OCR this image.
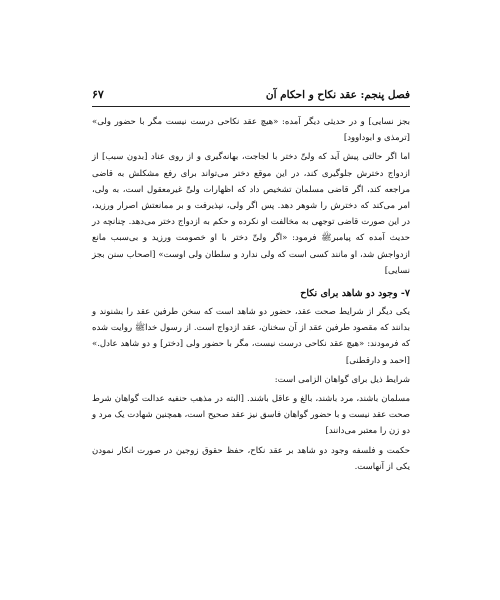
فصل پنجم: عقد نکاح و احکام آن
۶۷

بجز نسایی] و در حدیثی دیگر آمده: «هیچ عقد نکاحی درست نیست مگر با حضور ولی» [ترمذی و ابوداوود]

اما اگر حالتی پیش آید که ولیِّ دختر با لجاجت، بهانه‌گیری و از روی عناد [بدون سبب] از ازدواج دخترش جلوگیری کند، در این موقع دختر می‌تواند برای رفع مشکلش به قاضی مراجعه کند، اگر قاضی مسلمان تشخیص داد که اظهارات ولیِّ غیرمعقول است، به ولی، امر می‌کند که دخترش را شوهر دهد. پس اگر ولی، نپذیرفت و بر ممانعتش اصرار ورزید، در این صورت قاضی توجهی به مخالفت او نکرده و حکم به ازدواج دختر می‌دهد. چنانچه در حدیث آمده که پیامبرﷺ فرمود: «اگر ولیِّ دختر با او خصومت ورزید و بی‌سبب مانع ازدواجش شد، او مانند کسی است که ولی ندارد و سلطان ولی اوست» [اصحاب سنن بجز نسایی]

۷- وجود دو شاهد برای نکاح

یکی دیگر از شرایط صحت عقد، حضور دو شاهد است که سخن طرفین عقد را بشنوند و بدانند که مقصود طرفین عقد از آن سخنان، عقد ازدواج است. از رسول خداﷺ روایت شده که فرمودند: «هیچ عقد نکاحی درست نیست، مگر با حضور ولی [دختر] و دو شاهد عادل.» [احمد و دارقطنی]

شرایط ذیل برای گواهان الزامی است:

مسلمان باشند، مرد باشند، بالغ و عاقل باشند. [البته در مذهب حنفیه عدالت گواهان شرط صحت عقد نیست و با حضور گواهان فاسق نیز عقد صحیح است، همچنین شهادت یک مرد و دو زن را معتبر می‌دانند]

حکمت و فلسفه وجود دو شاهد بر عقد نکاح، حفظ حقوق زوجین در صورت انکار نمودن یکی از آنهاست.
